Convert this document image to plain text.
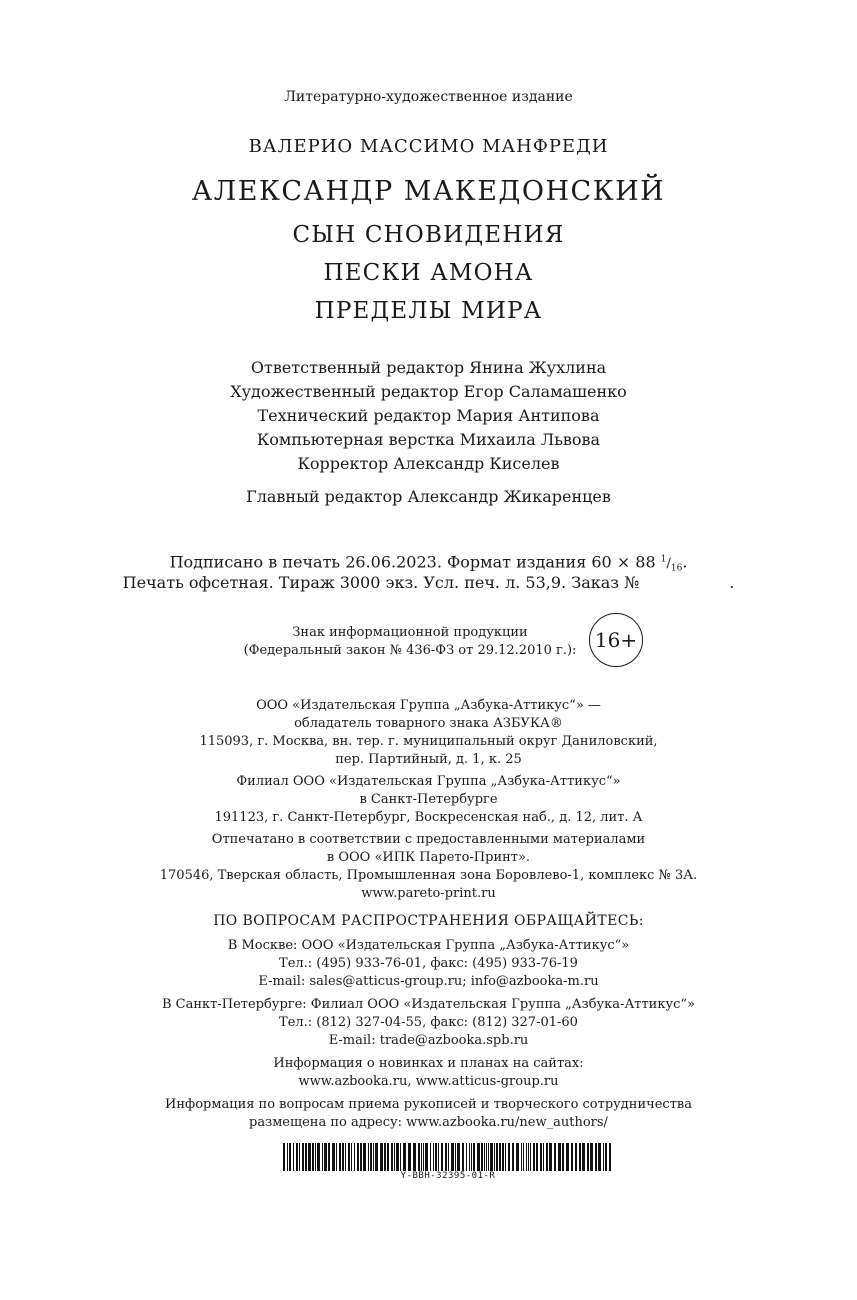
Литературно-художественное издание
ВАЛЕРИО МАССИМО МАНФРЕДИ
АЛЕКСАНДР МАКЕДОНСКИЙ
СЫН СНОВИДЕНИЯ
ПЕСКИ АМОНА
ПРЕДЕЛЫ МИРА
Ответственный редактор Янина Жухлина
Художественный редактор Егор Саламашенко
Технический редактор Мария Антипова
Компьютерная верстка Михаила Львова
Корректор Александр Киселев
Главный редактор Александр Жикаренцев
Подписано в печать 26.06.2023. Формат издания 60 × 88 $^1/_{16}$.
Печать офсетная. Тираж 3000 экз. Усл. печ. л. 53,9. Заказ №	.

Знак информационной продукции

(Федеральный закон № 436-ФЗ от 29.12.2010 г.): 16+
ООО «Издательская Группа „Азбука-Аттикус“» —
обладатель товарного знака АЗБУКА®
115093, г. Москва, вн. тер. г. муниципальный округ Даниловский,
пер. Партийный, д. 1, к. 25
Филиал ООО «Издательская Группа „Азбука-Аттикус“»
в Санкт-Петербурге
191123, г. Санкт-Петербург, Воскресенская наб., д. 12, лит. А
Отпечатано в соответствии с предоставленными материалами
в ООО «ИПК Парето-Принт».
170546, Тверская область, Промышленная зона Боровлево-1, комплекс № 3А.
www.pareto-print.ru
ПО ВОПРОСАМ РАСПРОСТРАНЕНИЯ ОБРАЩАЙТЕСЬ:
В Москве: ООО «Издательская Группа „Азбука-Аттикус“»
Тел.: (495) 933-76-01, факс: (495) 933-76-19
E-mail: sales@atticus-group.ru; info@azbooka-m.ru
В Санкт-Петербурге: Филиал ООО «Издательская Группа „Азбука-Аттикус“»
Тел.: (812) 327-04-55, факс: (812) 327-01-60
E-mail: trade@azbooka.spb.ru
Информация о новинках и планах на сайтах:
www.azbooka.ru, www.atticus-group.ru
Информация по вопросам приема рукописей и творческого сотрудничества
размещена по адресу: www.azbooka.ru/new_authors/
Y-BBH-32395-01-R
